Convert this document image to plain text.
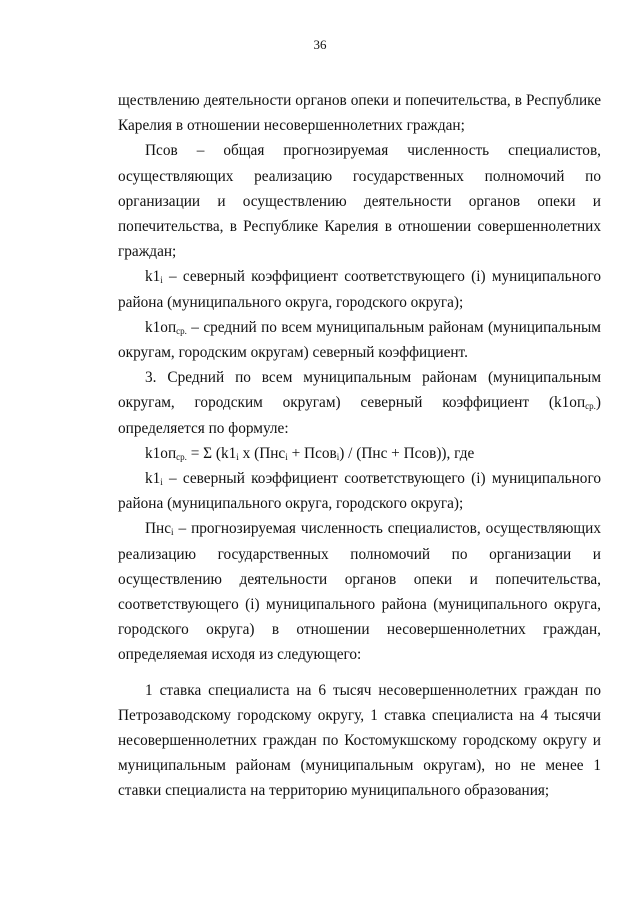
36

ществлению деятельности органов опеки и попечительства, в Республике Карелия в отношении несовершеннолетних граждан;

Псов – общая прогнозируемая численность специалистов, осуществляющих реализацию государственных полномочий по организации и осуществлению деятельности органов опеки и попечительства, в Республике Карелия в отношении совершеннолетних граждан;

$k1_i$ – северный коэффициент соответствующего (i) муниципального района (муниципального округа, городского округа);

$k1оп_{ср.}$ – средний по всем муниципальным районам (муниципальным округам, городским округам) северный коэффициент.

3. Средний по всем муниципальным районам (муниципальным округам, городским округам) северный коэффициент $(k1оп_{ср.})$ определяется по формуле:

$k1оп_{ср.} = \Sigma$ ($k1_i$ х (Пнс$_i$ + Псов$_i$) / (Пнс + Псов)), где

$k1_i$ – северный коэффициент соответствующего (i) муниципального района (муниципального округа, городского округа);

Пнс$_i$ – прогнозируемая численность специалистов, осуществляющих реализацию государственных полномочий по организации и осуществлению деятельности органов опеки и попечительства, соответствующего (i) муниципального района (муниципального округа, городского округа) в отношении несовершеннолетних граждан, определяемая исходя из следующего:

1 ставка специалиста на 6 тысяч несовершеннолетних граждан по Петрозаводскому городскому округу, 1 ставка специалиста на 4 тысячи несовершеннолетних граждан по Костомукшскому городскому округу и муниципальным районам (муниципальным округам), но не менее 1 ставки специалиста на территорию муниципального образования;
